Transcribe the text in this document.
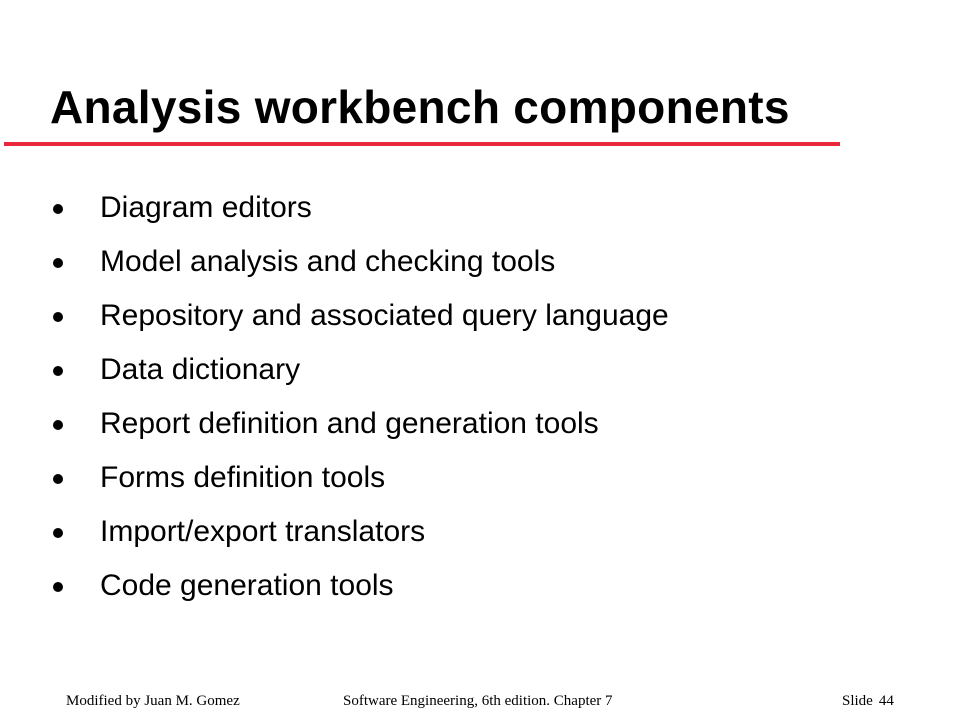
Analysis workbench components
Diagram editors
Model analysis and checking tools
Repository and associated query language
Data dictionary
Report definition and generation tools
Forms definition tools
Import/export translators
Code generation tools
Modified by Juan M. Gomez	Software Engineering, 6th edition. Chapter 7	Slide 44
